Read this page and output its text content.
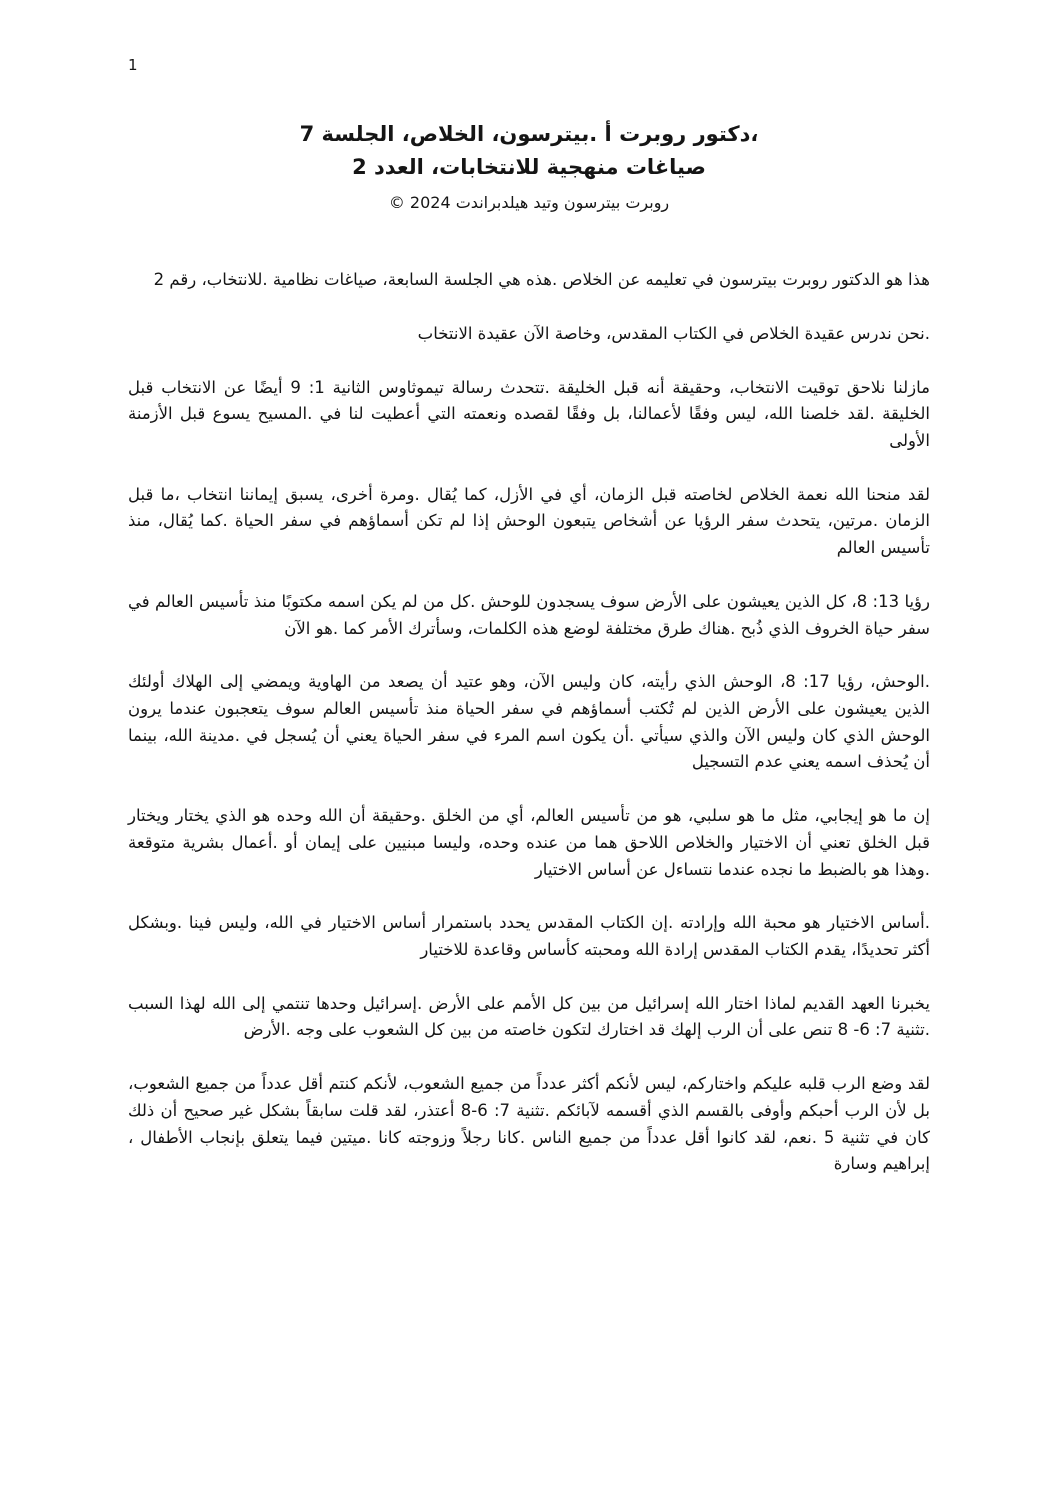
1
،دكتور روبرت أ .بيترسون، الخلاص، الجلسة 7
صياغات منهجية للانتخابات، العدد 2
روبرت بيترسون وتيد هيلدبراندت 2024 ©

هذا هو الدكتور روبرت بيترسون في تعليمه عن الخلاص .هذه هي الجلسة السابعة، صياغات نظامية .للانتخاب، رقم 2

.نحن ندرس عقيدة الخلاص في الكتاب المقدس، وخاصة الآن عقيدة الانتخاب

مازلنا نلاحق توقيت الانتخاب، وحقيقة أنه قبل الخليقة .تتحدث رسالة تيموثاوس الثانية 1: 9 أيضًا عن الانتخاب قبل الخليقة .لقد خلصنا الله، ليس وفقًا لأعمالنا، بل وفقًا لقصده ونعمته التي أعطيت لنا في .المسيح يسوع قبل الأزمنة الأولى

لقد منحنا الله نعمة الخلاص لخاصته قبل الزمان، أي في الأزل، كما يُقال .ومرة أخرى، يسبق إيماننا انتخاب ،ما قبل الزمان .مرتين، يتحدث سفر الرؤيا عن أشخاص يتبعون الوحش إذا لم تكن أسماؤهم في سفر الحياة .كما يُقال، منذ تأسيس العالم

رؤيا 13: 8، كل الذين يعيشون على الأرض سوف يسجدون للوحش .كل من لم يكن اسمه مكتوبًا منذ تأسيس العالم في سفر حياة الخروف الذي ذُبح .هناك طرق مختلفة لوضع هذه الكلمات، وسأترك الأمر كما .هو الآن

.الوحش، رؤيا 17: 8، الوحش الذي رأيته، كان وليس الآن، وهو عتيد أن يصعد من الهاوية ويمضي إلى الهلاك أولئك الذين يعيشون على الأرض الذين لم تُكتب أسماؤهم في سفر الحياة منذ تأسيس العالم سوف يتعجبون عندما يرون الوحش الذي كان وليس الآن والذي سيأتي .أن يكون اسم المرء في سفر الحياة يعني أن يُسجل في .مدينة الله، بينما أن يُحذف اسمه يعني عدم التسجيل

إن ما هو إيجابي، مثل ما هو سلبي، هو من تأسيس العالم، أي من الخلق .وحقيقة أن الله وحده هو الذي يختار ويختار قبل الخلق تعني أن الاختيار والخلاص اللاحق هما من عنده وحده، وليسا مبنيين على إيمان أو .أعمال بشرية متوقعة .وهذا هو بالضبط ما نجده عندما نتساءل عن أساس الاختيار

.أساس الاختيار هو محبة الله وإرادته .إن الكتاب المقدس يحدد باستمرار أساس الاختيار في الله، وليس فينا .وبشكل أكثر تحديدًا، يقدم الكتاب المقدس إرادة الله ومحبته كأساس وقاعدة للاختيار

يخبرنا العهد القديم لماذا اختار الله إسرائيل من بين كل الأمم على الأرض .إسرائيل وحدها تنتمي إلى الله لهذا السبب .تثنية 7: 6- 8 تنص على أن الرب إلهك قد اختارك لتكون خاصته من بين كل الشعوب على وجه .الأرض

لقد وضع الرب قلبه عليكم واختاركم، ليس لأنكم أكثر عدداً من جميع الشعوب، لأنكم كنتم أقل عدداً من جميع الشعوب، بل لأن الرب أحبكم وأوفى بالقسم الذي أقسمه لآبائكم .تثنية 7: 6-8 أعتذر، لقد قلت سابقاً بشكل غير صحيح أن ذلك كان في تثنية 5 .نعم، لقد كانوا أقل عدداً من جميع الناس .كانا رجلاً وزوجته كانا .ميتين فيما يتعلق بإنجاب الأطفال ، إبراهيم وسارة
